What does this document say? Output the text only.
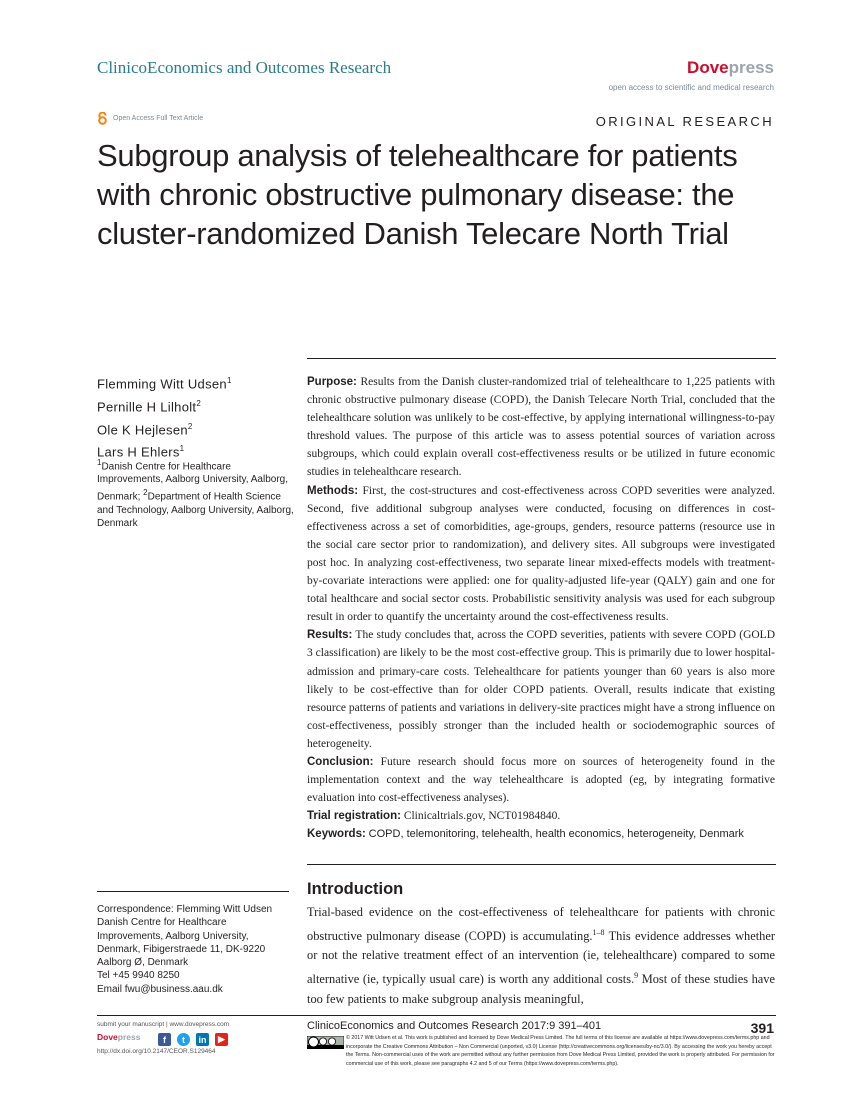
ClinicoEconomics and Outcomes Research	Dovepress
open access to scientific and medical research
Open Access Full Text Article	ORIGINAL RESEARCH
Subgroup analysis of telehealthcare for patients with chronic obstructive pulmonary disease: the cluster-randomized Danish Telecare North Trial
Flemming Witt Udsen$^1$
Pernille H Lilholt$^2$
Ole K Hejlesen$^2$
Lars H Ehlers$^1$
$^1$Danish Centre for Healthcare Improvements, Aalborg University, Aalborg, Denmark; $^2$Department of Health Science and Technology, Aalborg University, Aalborg, Denmark

Purpose: Results from the Danish cluster-randomized trial of telehealthcare to 1,225 patients with chronic obstructive pulmonary disease (COPD), the Danish Telecare North Trial, concluded that the telehealthcare solution was unlikely to be cost-effective, by applying international willingness-to-pay threshold values. The purpose of this article was to assess potential sources of variation across subgroups, which could explain overall cost-effectiveness results or be utilized in future economic studies in telehealthcare research.

Methods: First, the cost-structures and cost-effectiveness across COPD severities were analyzed. Second, five additional subgroup analyses were conducted, focusing on differences in cost-effectiveness across a set of comorbidities, age-groups, genders, resource patterns (resource use in the social care sector prior to randomization), and delivery sites. All subgroups were investigated post hoc. In analyzing cost-effectiveness, two separate linear mixed-effects models with treatment-by-covariate interactions were applied: one for quality-adjusted life-year (QALY) gain and one for total healthcare and social sector costs. Probabilistic sensitivity analysis was used for each subgroup result in order to quantify the uncertainty around the cost-effectiveness results.

Results: The study concludes that, across the COPD severities, patients with severe COPD (GOLD 3 classification) are likely to be the most cost-effective group. This is primarily due to lower hospital-admission and primary-care costs. Telehealthcare for patients younger than 60 years is also more likely to be cost-effective than for older COPD patients. Overall, results indicate that existing resource patterns of patients and variations in delivery-site practices might have a strong influence on cost-effectiveness, possibly stronger than the included health or sociodemographic sources of heterogeneity.

Conclusion: Future research should focus more on sources of heterogeneity found in the implementation context and the way telehealthcare is adopted (eg, by integrating formative evaluation into cost-effectiveness analyses).

Trial registration: Clinicaltrials.gov, NCT01984840.

Keywords: COPD, telemonitoring, telehealth, health economics, heterogeneity, Denmark

Introduction

Trial-based evidence on the cost-effectiveness of telehealthcare for patients with chronic obstructive pulmonary disease (COPD) is accumulating.$^{1-8}$ This evidence addresses whether or not the relative treatment effect of an intervention (ie, telehealthcare) compared to some alternative (ie, typically usual care) is worth any additional costs.$^9$ Most of these studies have too few patients to make subgroup analysis meaningful,

Correspondence: Flemming Witt Udsen
Danish Centre for Healthcare Improvements, Aalborg University, Denmark, Fibigerstraede 11, DK-9220 Aalborg Ø, Denmark
Tel +45 9940 8250
Email fwu@business.aau.dk
submit your manuscript | www.dovepress.com
Dovepress
http://dx.doi.org/10.2147/CEOR.S129464
f	t	in	▶
ClinicoEconomics and Outcomes Research 2017:9 391–401	391
© 2017 Witt Udsen et al. This work is published and licensed by Dove Medical Press Limited. The full terms of this license are available at https://www.dovepress.com/terms.php and incorporate the Creative Commons Attribution – Non Commercial (unported, v3.0) License (http://creativecommons.org/licenses/by-nc/3.0/). By accessing the work you hereby accept the Terms. Non-commercial uses of the work are permitted without any further permission from Dove Medical Press Limited, provided the work is properly attributed. For permission for commercial use of this work, please see paragraphs 4.2 and 5 of our Terms (https://www.dovepress.com/terms.php).
